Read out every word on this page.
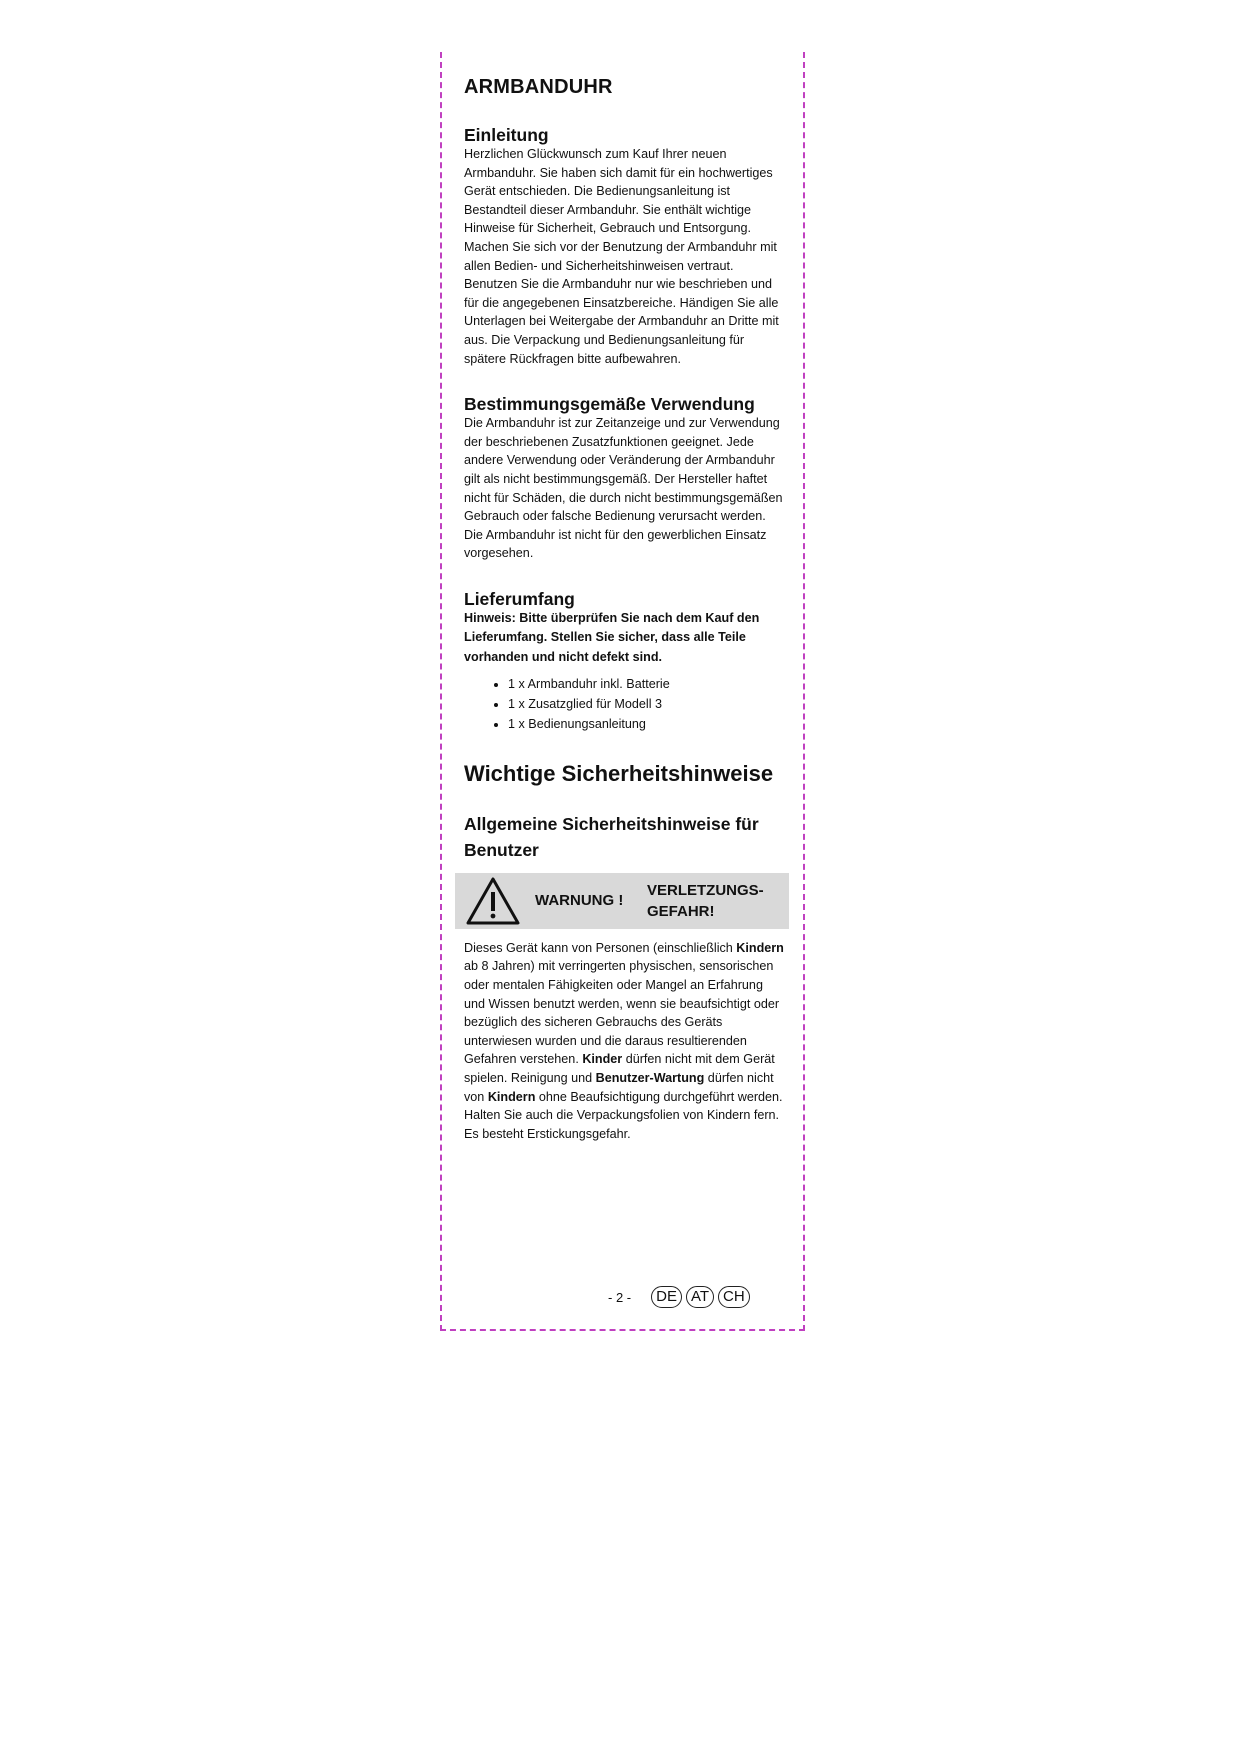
ARMBANDUHR
Einleitung

Herzlichen Glückwunsch zum Kauf Ihrer neuen Armbanduhr. Sie haben sich damit für ein hochwertiges Gerät entschieden. Die Bedienungsanleitung ist Bestandteil dieser Armbanduhr. Sie enthält wichtige Hinweise für Sicherheit, Gebrauch und Entsorgung. Machen Sie sich vor der Benutzung der Armbanduhr mit allen Bedien- und Sicherheitshinweisen vertraut. Benutzen Sie die Armbanduhr nur wie beschrieben und für die angegebenen Einsatzbereiche. Händigen Sie alle Unterlagen bei Weitergabe der Armbanduhr an Dritte mit aus. Die Verpackung und Bedienungsanleitung für spätere Rückfragen bitte aufbewahren.

Bestimmungsgemäße Verwendung

Die Armbanduhr ist zur Zeitanzeige und zur Verwendung der beschriebenen Zusatzfunktionen geeignet. Jede andere Verwendung oder Veränderung der Armbanduhr gilt als nicht bestimmungsgemäß. Der Hersteller haftet nicht für Schäden, die durch nicht bestimmungsgemäßen Gebrauch oder falsche Bedienung verursacht werden. Die Armbanduhr ist nicht für den gewerblichen Einsatz vorgesehen.

Lieferumfang

Hinweis: Bitte überprüfen Sie nach dem Kauf den Lieferumfang. Stellen Sie sicher, dass alle Teile vorhanden und nicht defekt sind.

• 1 x Armbanduhr inkl. Batterie
• 1 x Zusatzglied für Modell 3
• 1 x Bedienungsanleitung
Wichtige Sicherheitshinweise
Allgemeine Sicherheitshinweise für Benutzer
WARNUNG !
VERLETZUNGS-
GEFAHR!

Dieses Gerät kann von Personen (einschließlich Kindern ab 8 Jahren) mit verringerten physischen, sensorischen oder mentalen Fähigkeiten oder Mangel an Erfahrung und Wissen benutzt werden, wenn sie beaufsichtigt oder bezüglich des sicheren Gebrauchs des Geräts unterwiesen wurden und die daraus resultierenden Gefahren verstehen. Kinder dürfen nicht mit dem Gerät spielen. Reinigung und Benutzer-Wartung dürfen nicht von Kindern ohne Beaufsichtigung durchgeführt werden. Halten Sie auch die Verpackungsfolien von Kindern fern. Es besteht Erstickungsgefahr.

- 2 -	DE AT CH
